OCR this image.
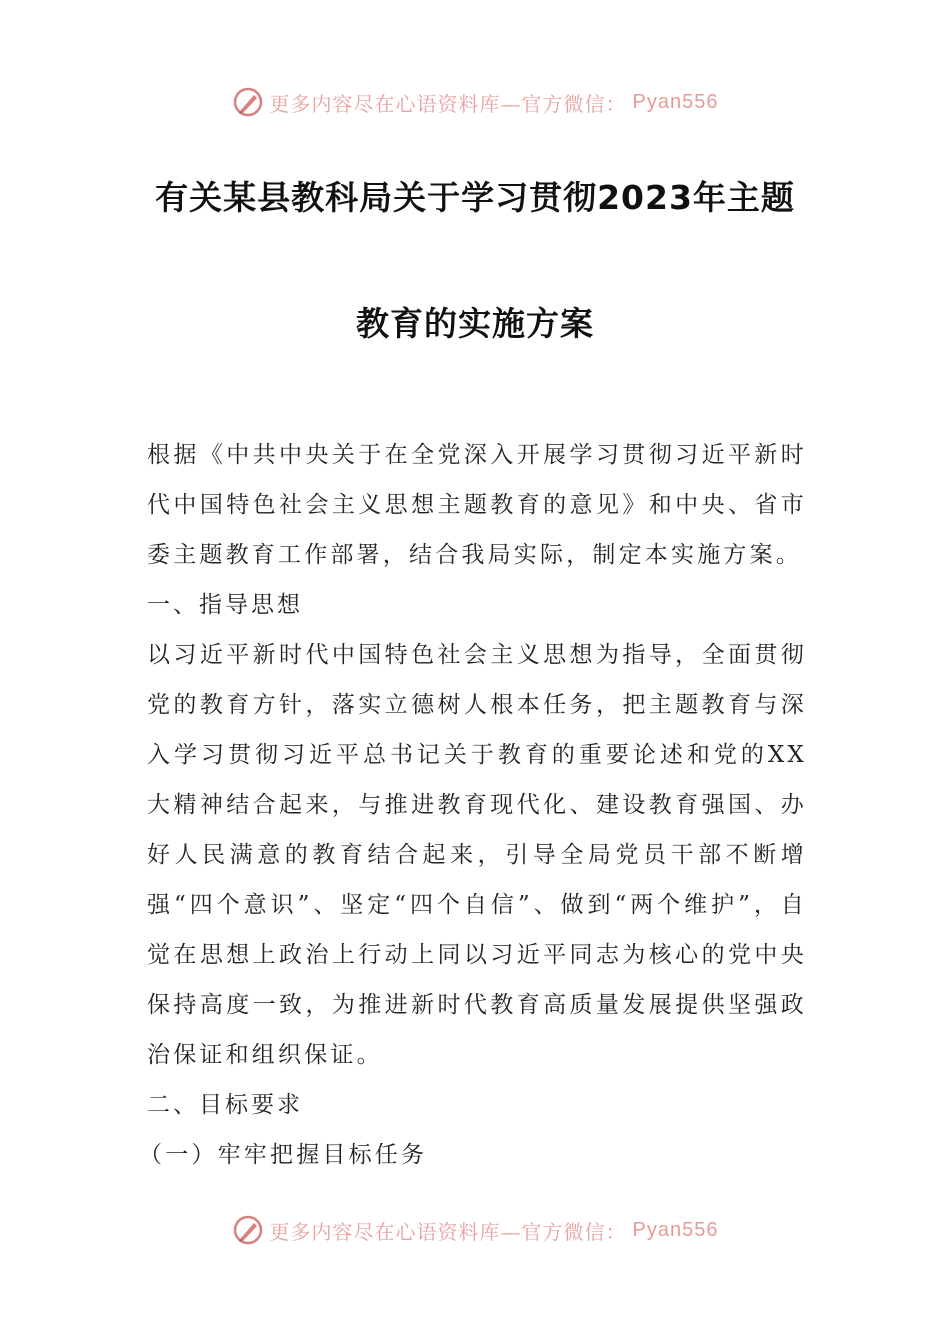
更多内容尽在心语资料库—官方微信： Pyan556
有关某县教科局关于学习贯彻2023年主题
教育的实施方案

根据《中共中央关于在全党深入开展学习贯彻习近平新时代中国特色社会主义思想主题教育的意见》和中央、省市委主题教育工作部署，结合我局实际，制定本实施方案。

一、指导思想

以习近平新时代中国特色社会主义思想为指导，全面贯彻党的教育方针，落实立德树人根本任务，把主题教育与深入学习贯彻习近平总书记关于教育的重要论述和党的XX大精神结合起来，与推进教育现代化、建设教育强国、办好人民满意的教育结合起来，引导全局党员干部不断增强“四个意识”、坚定“四个自信”、做到“两个维护”，自觉在思想上政治上行动上同以习近平同志为核心的党中央保持高度一致，为推进新时代教育高质量发展提供坚强政治保证和组织保证。

二、目标要求

（一）牢牢把握目标任务

更多内容尽在心语资料库—官方微信： Pyan556
